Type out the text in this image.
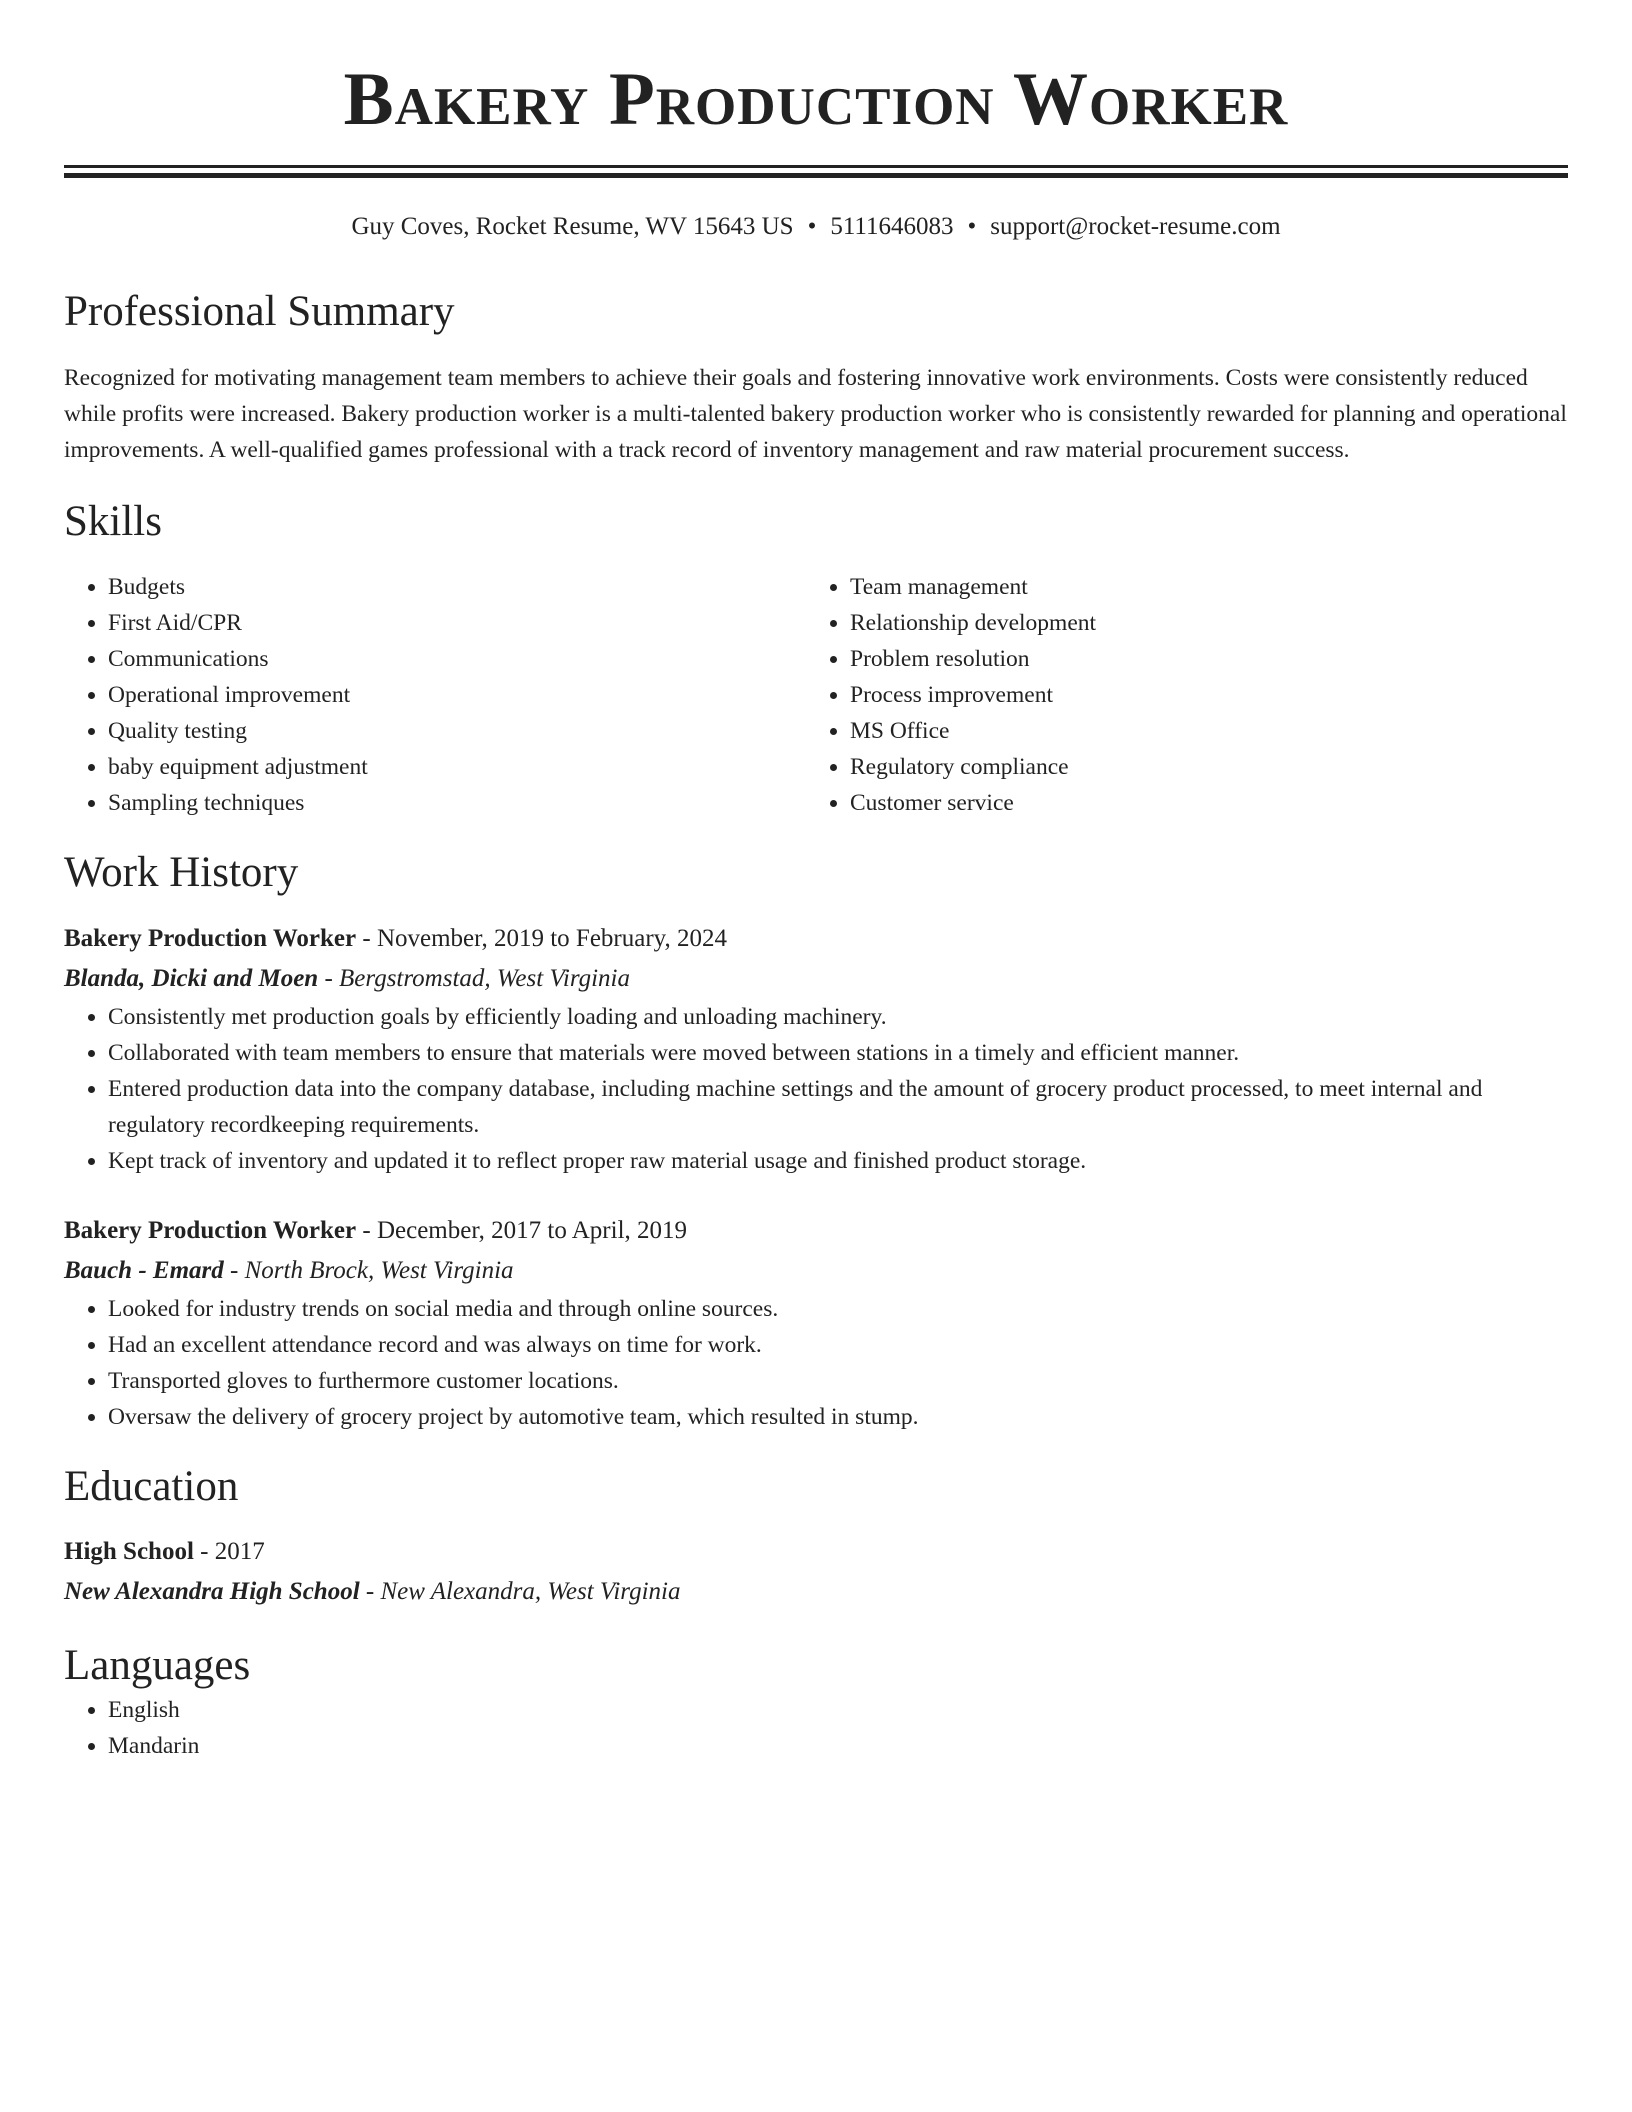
Bakery Production Worker
Guy Coves, Rocket Resume, WV 15643 US • 5111646083 • support@rocket-resume.com
Professional Summary

Recognized for motivating management team members to achieve their goals and fostering innovative work environments. Costs were consistently reduced while profits were increased. Bakery production worker is a multi-talented bakery production worker who is consistently rewarded for planning and operational improvements. A well-qualified games professional with a track record of inventory management and raw material procurement success.

Skills
• Budgets
• First Aid/CPR
• Communications
• Operational improvement
• Quality testing
• baby equipment adjustment
• Sampling techniques
• Team management
• Relationship development
• Problem resolution
• Process improvement
• MS Office
• Regulatory compliance
• Customer service
Work History
Bakery Production Worker - November, 2019 to February, 2024
Blanda, Dicki and Moen - Bergstromstad, West Virginia
• Consistently met production goals by efficiently loading and unloading machinery.
• Collaborated with team members to ensure that materials were moved between stations in a timely and efficient manner.
• Entered production data into the company database, including machine settings and the amount of grocery product processed, to meet internal and regulatory recordkeeping requirements.
• Kept track of inventory and updated it to reflect proper raw material usage and finished product storage.
Bakery Production Worker - December, 2017 to April, 2019
Bauch - Emard - North Brock, West Virginia
• Looked for industry trends on social media and through online sources.
• Had an excellent attendance record and was always on time for work.
• Transported gloves to furthermore customer locations.
• Oversaw the delivery of grocery project by automotive team, which resulted in stump.
Education
High School - 2017
New Alexandra High School - New Alexandra, West Virginia
Languages
• English
• Mandarin
